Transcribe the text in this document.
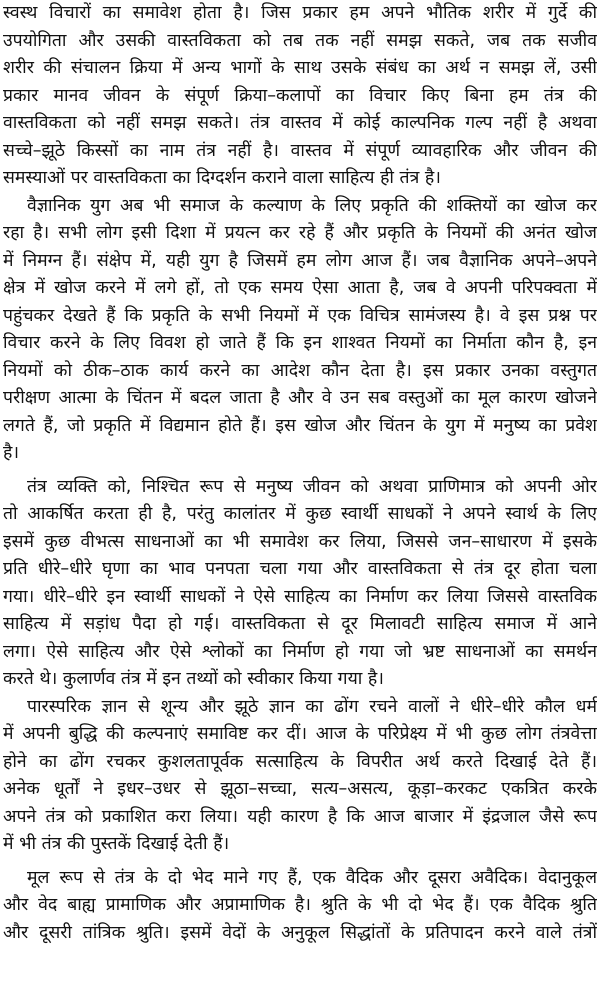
स्वस्थ विचारों का समावेश होता है। जिस प्रकार हम अपने भौतिक शरीर में गुर्दे की
उपयोगिता और उसकी वास्तविकता को तब तक नहीं समझ सकते, जब तक सजीव
शरीर की संचालन क्रिया में अन्य भागों के साथ उसके संबंध का अर्थ न समझ लें, उसी
प्रकार मानव जीवन के संपूर्ण क्रिया–कलापों का विचार किए बिना हम तंत्र की
वास्तविकता को नहीं समझ सकते। तंत्र वास्तव में कोई काल्पनिक गल्प नहीं है अथवा
सच्चे–झूठे किस्सों का नाम तंत्र नहीं है। वास्तव में संपूर्ण व्यावहारिक और जीवन की
समस्याओं पर वास्तविकता का दिग्दर्शन कराने वाला साहित्य ही तंत्र है।
वैज्ञानिक युग अब भी समाज के कल्याण के लिए प्रकृति की शक्तियों का खोज कर
रहा है। सभी लोग इसी दिशा में प्रयत्न कर रहे हैं और प्रकृति के नियमों की अनंत खोज
में निमग्न हैं। संक्षेप में, यही युग है जिसमें हम लोग आज हैं। जब वैज्ञानिक अपने–अपने
क्षेत्र में खोज करने में लगे हों, तो एक समय ऐसा आता है, जब वे अपनी परिपक्वता में
पहुंचकर देखते हैं कि प्रकृति के सभी नियमों में एक विचित्र सामंजस्य है। वे इस प्रश्न पर
विचार करने के लिए विवश हो जाते हैं कि इन शाश्वत नियमों का निर्माता कौन है, इन
नियमों को ठीक–ठाक कार्य करने का आदेश कौन देता है। इस प्रकार उनका वस्तुगत
परीक्षण आत्मा के चिंतन में बदल जाता है और वे उन सब वस्तुओं का मूल कारण खोजने
लगते हैं, जो प्रकृति में विद्यमान होते हैं। इस खोज और चिंतन के युग में मनुष्य का प्रवेश
है।
तंत्र व्यक्ति को, निश्चित रूप से मनुष्य जीवन को अथवा प्राणिमात्र को अपनी ओर
तो आकर्षित करता ही है, परंतु कालांतर में कुछ स्वार्थी साधकों ने अपने स्वार्थ के लिए
इसमें कुछ वीभत्स साधनाओं का भी समावेश कर लिया, जिससे जन–साधारण में इसके
प्रति धीरे–धीरे घृणा का भाव पनपता चला गया और वास्तविकता से तंत्र दूर होता चला
गया। धीरे–धीरे इन स्वार्थी साधकों ने ऐसे साहित्य का निर्माण कर लिया जिससे वास्तविक
साहित्य में सड़ांध पैदा हो गई। वास्तविकता से दूर मिलावटी साहित्य समाज में आने
लगा। ऐसे साहित्य और ऐसे श्लोकों का निर्माण हो गया जो भ्रष्ट साधनाओं का समर्थन
करते थे। कुलार्णव तंत्र में इन तथ्यों को स्वीकार किया गया है।
पारस्परिक ज्ञान से शून्य और झूठे ज्ञान का ढोंग रचने वालों ने धीरे–धीरे कौल धर्म
में अपनी बुद्धि की कल्पनाएं समाविष्ट कर दीं। आज के परिप्रेक्ष्य में भी कुछ लोग तंत्रवेत्ता
होने का ढोंग रचकर कुशलतापूर्वक सत्साहित्य के विपरीत अर्थ करते दिखाई देते हैं।
अनेक धूर्तों ने इधर–उधर से झूठा–सच्चा, सत्य–असत्य, कूड़ा–करकट एकत्रित करके
अपने तंत्र को प्रकाशित करा लिया। यही कारण है कि आज बाजार में इंद्रजाल जैसे रूप
में भी तंत्र की पुस्तकें दिखाई देती हैं।
मूल रूप से तंत्र के दो भेद माने गए हैं, एक वैदिक और दूसरा अवैदिक। वेदानुकूल
और वेद बाह्य प्रामाणिक और अप्रामाणिक है। श्रुति के भी दो भेद हैं। एक वैदिक श्रुति
और दूसरी तांत्रिक श्रुति। इसमें वेदों के अनुकूल सिद्धांतों के प्रतिपादन करने वाले तंत्रों
